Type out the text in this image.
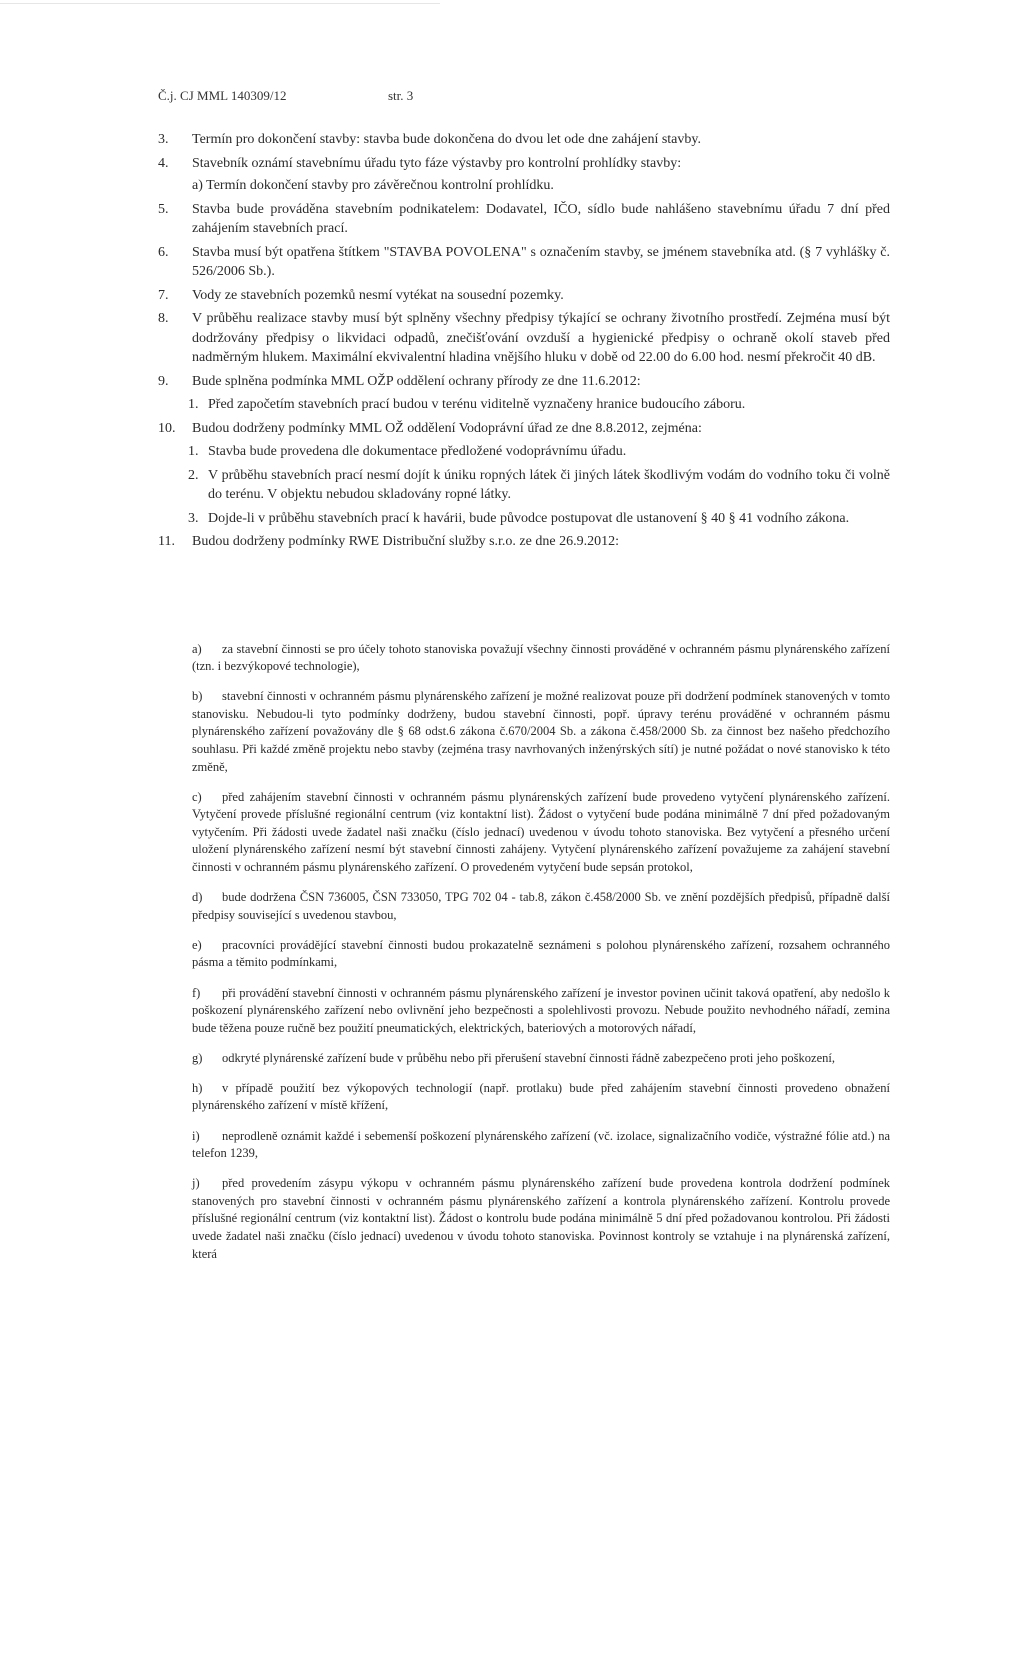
Č.j. CJ MML 140309/12	str. 3
3. Termín pro dokončení stavby: stavba bude dokončena do dvou let ode dne zahájení stavby.
4. Stavebník oznámí stavebnímu úřadu tyto fáze výstavby pro kontrolní prohlídky stavby:
a) Termín dokončení stavby pro závěrečnou kontrolní prohlídku.
5. Stavba bude prováděna stavebním podnikatelem: Dodavatel, IČO, sídlo bude nahlášeno stavebnímu úřadu 7 dní před zahájením stavebních prací.
6. Stavba musí být opatřena štítkem "STAVBA POVOLENA" s označením stavby, se jménem stavebníka atd. (§ 7 vyhlášky č. 526/2006 Sb.).
7. Vody ze stavebních pozemků nesmí vytékat na sousední pozemky.
8. V průběhu realizace stavby musí být splněny všechny předpisy týkající se ochrany životního prostředí. Zejména musí být dodržovány předpisy o likvidaci odpadů, znečišťování ovzduší a hygienické předpisy o ochraně okolí staveb před nadměrným hlukem. Maximální ekvivalentní hladina vnějšího hluku v době od 22.00 do 6.00 hod. nesmí překročit 40 dB.
9. Bude splněna podmínka MML OŽP oddělení ochrany přírody ze dne 11.6.2012:
1. Před započetím stavebních prací budou v terénu viditelně vyznačeny hranice budoucího záboru.
10. Budou dodrženy podmínky MML OŽ oddělení Vodoprávní úřad ze dne 8.8.2012, zejména:
1. Stavba bude provedena dle dokumentace předložené vodoprávnímu úřadu.
2. V průběhu stavebních prací nesmí dojít k úniku ropných látek či jiných látek škodlivým vodám do vodního toku či volně do terénu. V objektu nebudou skladovány ropné látky.
3. Dojde-li v průběhu stavebních prací k havárii, bude původce postupovat dle ustanovení § 40 § 41 vodního zákona.
11. Budou dodrženy podmínky RWE Distribuční služby s.r.o. ze dne 26.9.2012:

a) za stavební činnosti se pro účely tohoto stanoviska považují všechny činnosti prováděné v ochranném pásmu plynárenského zařízení (tzn. i bezvýkopové technologie),

b) stavební činnosti v ochranném pásmu plynárenského zařízení je možné realizovat pouze při dodržení podmínek stanovených v tomto stanovisku. Nebudou-li tyto podmínky dodrženy, budou stavební činnosti, popř. úpravy terénu prováděné v ochranném pásmu plynárenského zařízení považovány dle § 68 odst.6 zákona č.670/2004 Sb. a zákona č.458/2000 Sb. za činnost bez našeho předchozího souhlasu. Při každé změně projektu nebo stavby (zejména trasy navrhovaných inženýrských sítí) je nutné požádat o nové stanovisko k této změně,

c) před zahájením stavební činnosti v ochranném pásmu plynárenských zařízení bude provedeno vytyčení plynárenského zařízení. Vytyčení provede příslušné regionální centrum (viz kontaktní list). Žádost o vytyčení bude podána minimálně 7 dní před požadovaným vytyčením. Při žádosti uvede žadatel naši značku (číslo jednací) uvedenou v úvodu tohoto stanoviska. Bez vytyčení a přesného určení uložení plynárenského zařízení nesmí být stavební činnosti zahájeny. Vytyčení plynárenského zařízení považujeme za zahájení stavební činnosti v ochranném pásmu plynárenského zařízení. O provedeném vytyčení bude sepsán protokol,

d) bude dodržena ČSN 736005, ČSN 733050, TPG 702 04 - tab.8, zákon č.458/2000 Sb. ve znění pozdějších předpisů, případně další předpisy související s uvedenou stavbou,

e) pracovníci provádějící stavební činnosti budou prokazatelně seznámeni s polohou plynárenského zařízení, rozsahem ochranného pásma a těmito podmínkami,

f) při provádění stavební činnosti v ochranném pásmu plynárenského zařízení je investor povinen učinit taková opatření, aby nedošlo k poškození plynárenského zařízení nebo ovlivnění jeho bezpečnosti a spolehlivosti provozu. Nebude použito nevhodného nářadí, zemina bude těžena pouze ručně bez použití pneumatických, elektrických, bateriových a motorových nářadí,

g) odkryté plynárenské zařízení bude v průběhu nebo při přerušení stavební činnosti řádně zabezpečeno proti jeho poškození,

h) v případě použití bez výkopových technologií (např. protlaku) bude před zahájením stavební činnosti provedeno obnažení plynárenského zařízení v místě křížení,

i) neprodleně oznámit každé i sebemenší poškození plynárenského zařízení (vč. izolace, signalizačního vodiče, výstražné fólie atd.) na telefon 1239,

j) před provedením zásypu výkopu v ochranném pásmu plynárenského zařízení bude provedena kontrola dodržení podmínek stanovených pro stavební činnosti v ochranném pásmu plynárenského zařízení a kontrola plynárenského zařízení. Kontrolu provede příslušné regionální centrum (viz kontaktní list). Žádost o kontrolu bude podána minimálně 5 dní před požadovanou kontrolou. Při žádosti uvede žadatel naši značku (číslo jednací) uvedenou v úvodu tohoto stanoviska. Povinnost kontroly se vztahuje i na plynárenská zařízení, která
